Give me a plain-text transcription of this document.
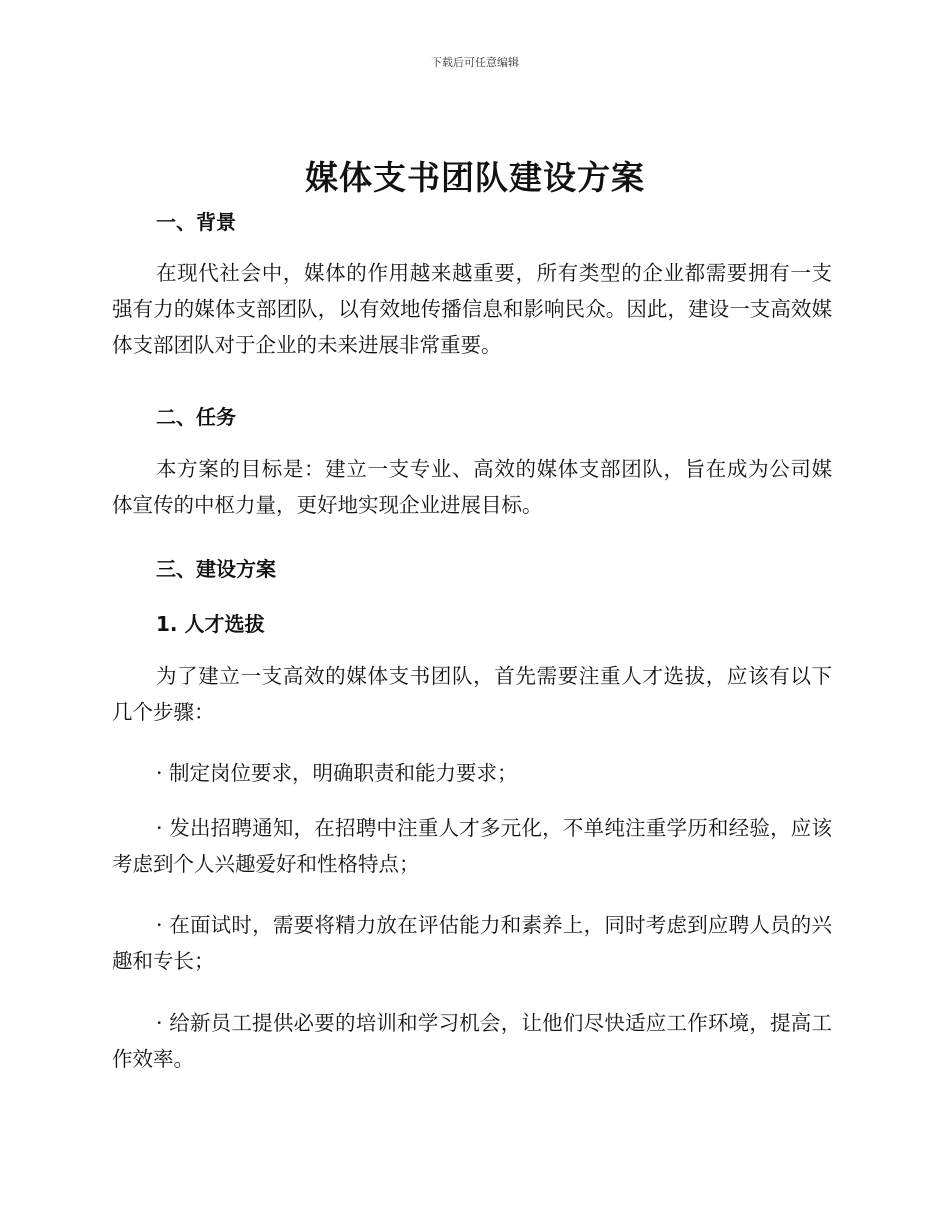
下载后可任意编辑
媒体支书团队建设方案
一、背景

在现代社会中，媒体的作用越来越重要，所有类型的企业都需要拥有一支强有力的媒体支部团队，以有效地传播信息和影响民众。因此，建设一支高效媒体支部团队对于企业的未来进展非常重要。

二、任务

本方案的目标是：建立一支专业、高效的媒体支部团队，旨在成为公司媒体宣传的中枢力量，更好地实现企业进展目标。

三、建设方案
1. 人才选拔

为了建立一支高效的媒体支书团队，首先需要注重人才选拔，应该有以下几个步骤：

· 制定岗位要求，明确职责和能力要求；

· 发出招聘通知，在招聘中注重人才多元化，不单纯注重学历和经验，应该考虑到个人兴趣爱好和性格特点；

· 在面试时，需要将精力放在评估能力和素养上，同时考虑到应聘人员的兴趣和专长；

· 给新员工提供必要的培训和学习机会，让他们尽快适应工作环境，提高工作效率。
